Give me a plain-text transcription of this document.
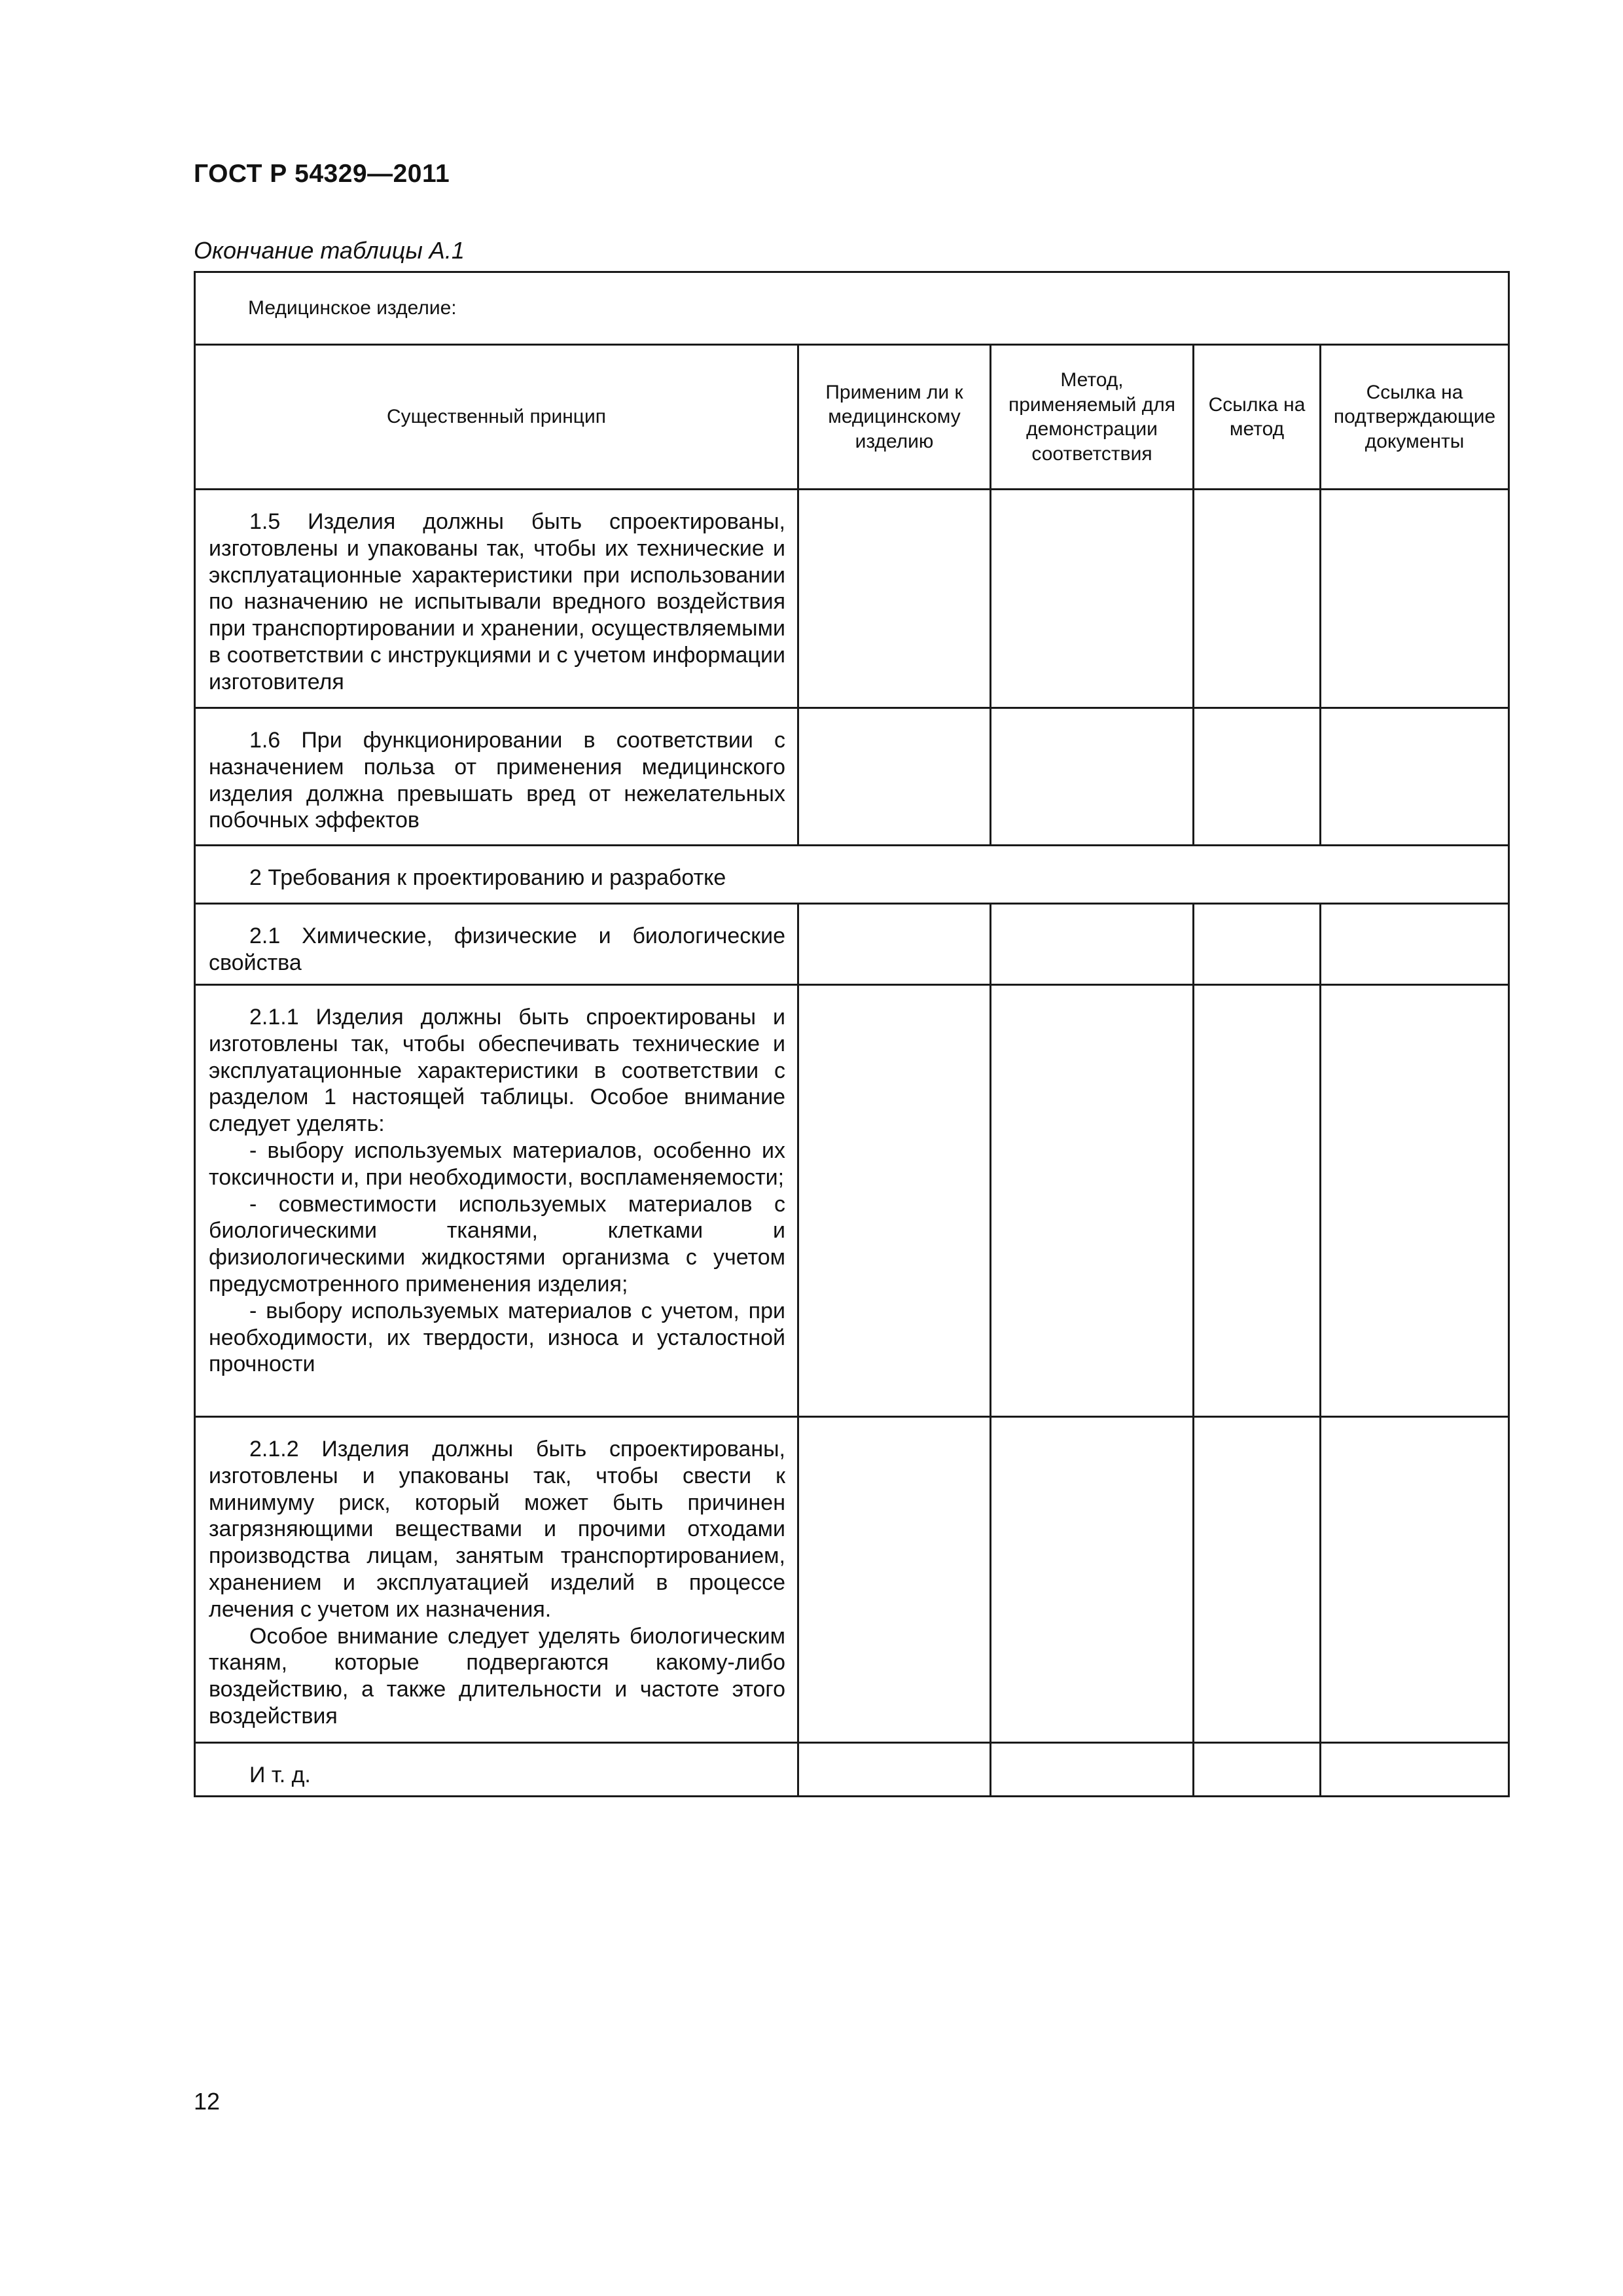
ГОСТ Р 54329—2011
Окончание таблицы А.1
Медицинское изделие:				
Существенный принцип	Применим ли к медицинскому изделию	Метод, применяемый для демонстрации соответствия	Ссылка на метод	Ссылка на подтверждающие документы

1.5 Изделия должны быть спроектированы, изготовлены и упакованы так, чтобы их технические и эксплуатационные характеристики при использовании по назначению не испытывали вредного воздействия при транспортировании и хранении, осуществляемыми в соответствии с инструкциями и с учетом информации изготовителя				

1.6 При функционировании в соответствии с назначением польза от применения медицинского изделия должна превышать вред от нежелательных побочных эффектов				

2 Требования к проектированию и разработке				

2.1 Химические, физические и биологические свойства				

2.1.1 Изделия должны быть спроектированы и изготовлены так, чтобы обеспечивать технические и эксплуатационные характеристики в соответствии с разделом 1 настоящей таблицы. Особое внимание следует уделять:

- выбору используемых материалов, особенно их токсичности и, при необходимости, воспламеняемости;

- совместимости используемых материалов с биологическими тканями, клетками и физиологическими жидкостями организма с учетом предусмотренного применения изделия;

- выбору используемых материалов с учетом, при необходимости, их твердости, износа и усталостной прочности				

2.1.2 Изделия должны быть спроектированы, изготовлены и упакованы так, чтобы свести к минимуму риск, который может быть причинен загрязняющими веществами и прочими отходами производства лицам, занятым транспортированием, хранением и эксплуатацией изделий в процессе лечения с учетом их назначения.

Особое внимание следует уделять биологическим тканям, которые подвергаются какому-либо воздействию, а также длительности и частоте этого воздействия				

И т. д.				

12
